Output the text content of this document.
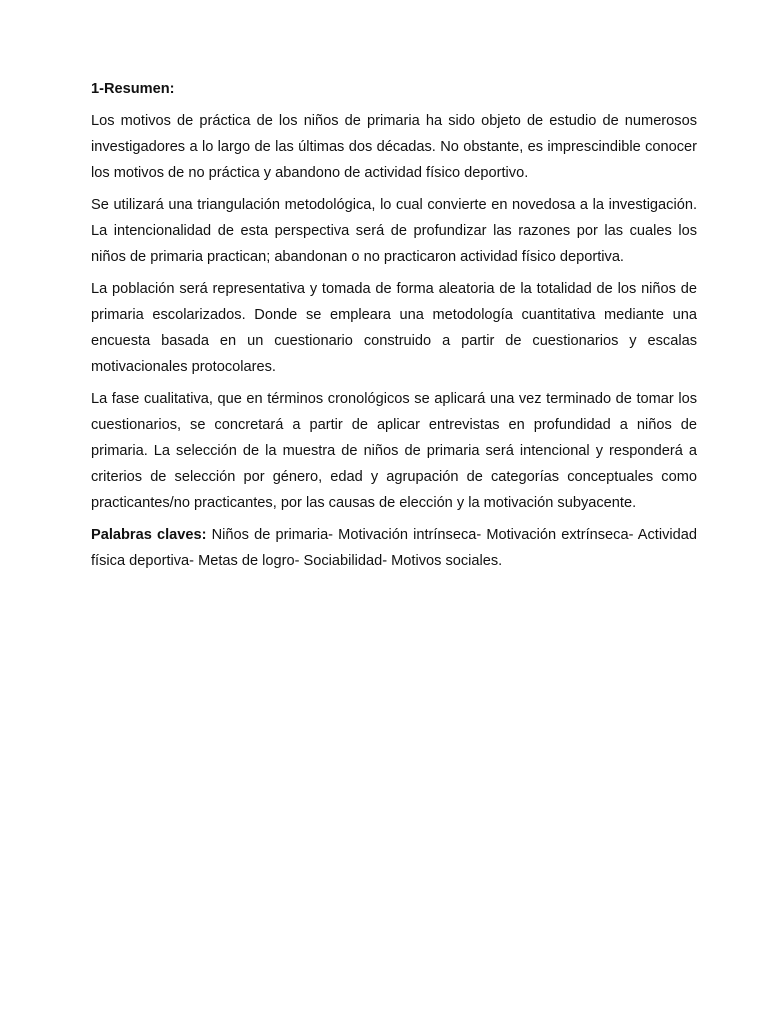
1-Resumen:

Los motivos de práctica de los niños de primaria ha sido objeto de estudio de numerosos investigadores a lo largo de las últimas dos décadas. No obstante, es imprescindible conocer los motivos de no práctica y abandono de actividad físico deportivo.

Se utilizará una triangulación metodológica, lo cual convierte en novedosa a la investigación. La intencionalidad de esta perspectiva será de profundizar las razones por las cuales los niños de primaria practican; abandonan o no practicaron actividad físico deportiva.

La población será representativa y tomada de forma aleatoria de la totalidad de los niños de primaria escolarizados. Donde se empleara una metodología cuantitativa mediante una encuesta basada en un cuestionario construido a partir de cuestionarios y escalas motivacionales protocolares.

La fase cualitativa, que en términos cronológicos se aplicará una vez terminado de tomar los cuestionarios, se concretará a partir de aplicar entrevistas en profundidad a niños de primaria. La selección de la muestra de niños de primaria será intencional y responderá a criterios de selección por género, edad y agrupación de categorías conceptuales como practicantes/no practicantes, por las causas de elección y la motivación subyacente.

Palabras claves: Niños de primaria- Motivación intrínseca- Motivación extrínseca- Actividad física deportiva- Metas de logro- Sociabilidad- Motivos sociales.
